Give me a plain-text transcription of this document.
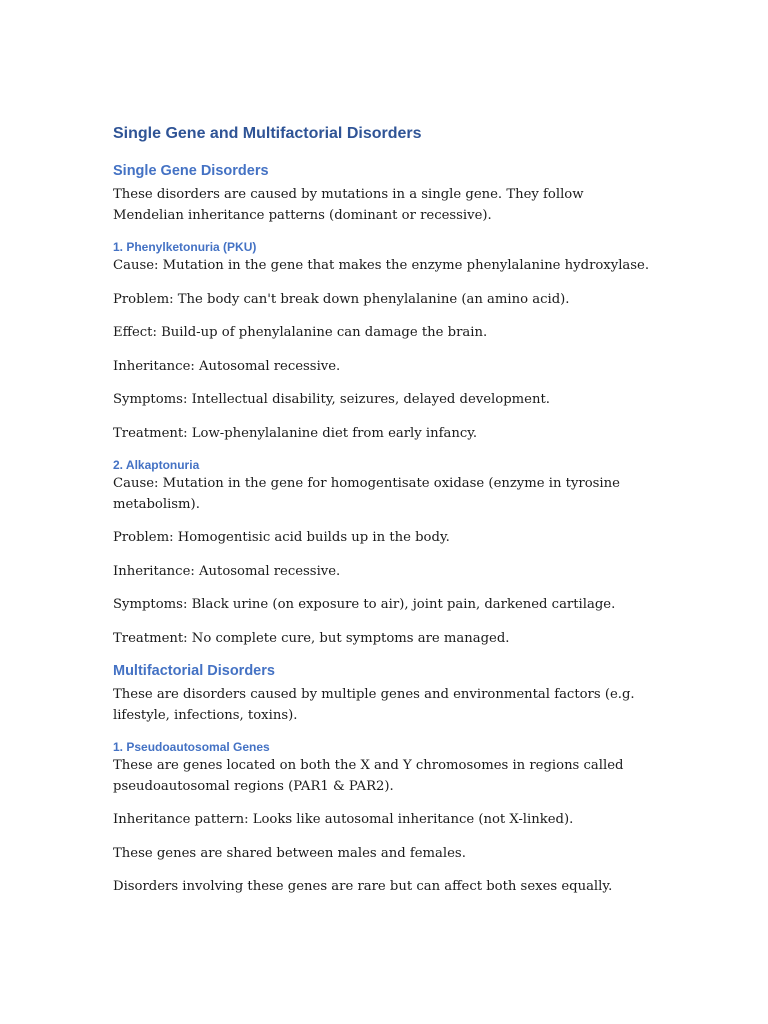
Single Gene and Multifactorial Disorders
Single Gene Disorders
These disorders are caused by mutations in a single gene. They follow Mendelian inheritance patterns (dominant or recessive).
1. Phenylketonuria (PKU)
Cause: Mutation in the gene that makes the enzyme phenylalanine hydroxylase.
Problem: The body can't break down phenylalanine (an amino acid).
Effect: Build-up of phenylalanine can damage the brain.
Inheritance: Autosomal recessive.
Symptoms: Intellectual disability, seizures, delayed development.
Treatment: Low-phenylalanine diet from early infancy.
2. Alkaptonuria
Cause: Mutation in the gene for homogentisate oxidase (enzyme in tyrosine metabolism).
Problem: Homogentisic acid builds up in the body.
Inheritance: Autosomal recessive.
Symptoms: Black urine (on exposure to air), joint pain, darkened cartilage.
Treatment: No complete cure, but symptoms are managed.
Multifactorial Disorders
These are disorders caused by multiple genes and environmental factors (e.g. lifestyle, infections, toxins).
1. Pseudoautosomal Genes
These are genes located on both the X and Y chromosomes in regions called pseudoautosomal regions (PAR1 & PAR2).
Inheritance pattern: Looks like autosomal inheritance (not X-linked).
These genes are shared between males and females.
Disorders involving these genes are rare but can affect both sexes equally.
